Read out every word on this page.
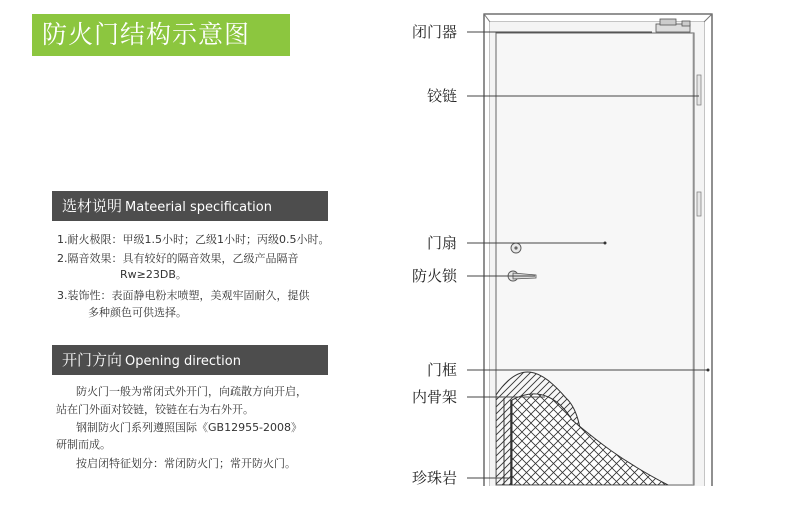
防火门结构示意图
选材说明 Mateerial specification
1.耐火极限：甲级1.5小时；乙级1小时；丙级0.5小时。
2.隔音效果：具有较好的隔音效果，乙级产品隔音
Rw≥23DB。
3.装饰性：表面静电粉末喷塑，美观牢固耐久，提供
多种颜色可供选择。
开门方向 Opening direction
防火门一般为常闭式外开门，向疏散方向开启，
站在门外面对铰链，铰链在右为右外开。
钢制防火门系列遵照国际《GB12955-2008》
研制而成。
按启闭特征划分：常闭防火门；常开防火门。
闭门器
铰链
门扇
防火锁
门框
内骨架
珍珠岩
